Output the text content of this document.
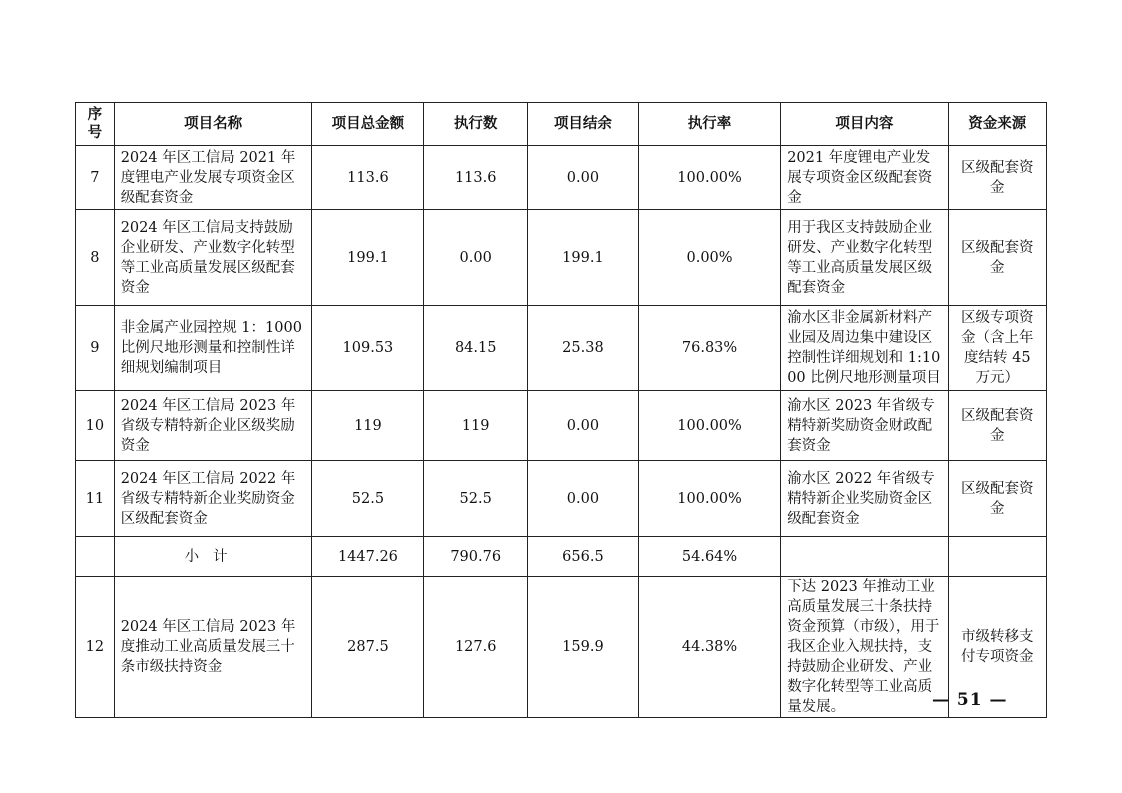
序号	项目名称	项目总金额	执行数	项目结余	执行率	项目内容	资金来源
7	2024 年区工信局 2021 年度锂电产业发展专项资金区级配套资金	113.6	113.6	0.00	100.00%	2021 年度锂电产业发展专项资金区级配套资金	区级配套资金
8	2024 年区工信局支持鼓励企业研发、产业数字化转型等工业高质量发展区级配套资金	199.1	0.00	199.1	0.00%	用于我区支持鼓励企业研发、产业数字化转型等工业高质量发展区级配套资金	区级配套资金
9	非金属产业园控规 1：1000 比例尺地形测量和控制性详细规划编制项目	109.53	84.15	25.38	76.83%	渝水区非金属新材料产业园及周边集中建设区控制性详细规划和 1:1000 比例尺地形测量项目	区级专项资金（含上年度结转 45 万元）
10	2024 年区工信局 2023 年省级专精特新企业区级奖励资金	119	119	0.00	100.00%	渝水区 2023 年省级专精特新奖励资金财政配套资金	区级配套资金
11	2024 年区工信局 2022 年省级专精特新企业奖励资金区级配套资金	52.5	52.5	0.00	100.00%	渝水区 2022 年省级专精特新企业奖励资金区级配套资金	区级配套资金
	小计	1447.26	790.76	656.5	54.64%		
12	2024 年区工信局 2023 年度推动工业高质量发展三十条市级扶持资金	287.5	127.6	159.9	44.38%	下达 2023 年推动工业高质量发展三十条扶持资金预算（市级），用于我区企业入规扶持，支持鼓励企业研发、产业数字化转型等工业高质量发展。	市级转移支付专项资金
— 51 —
